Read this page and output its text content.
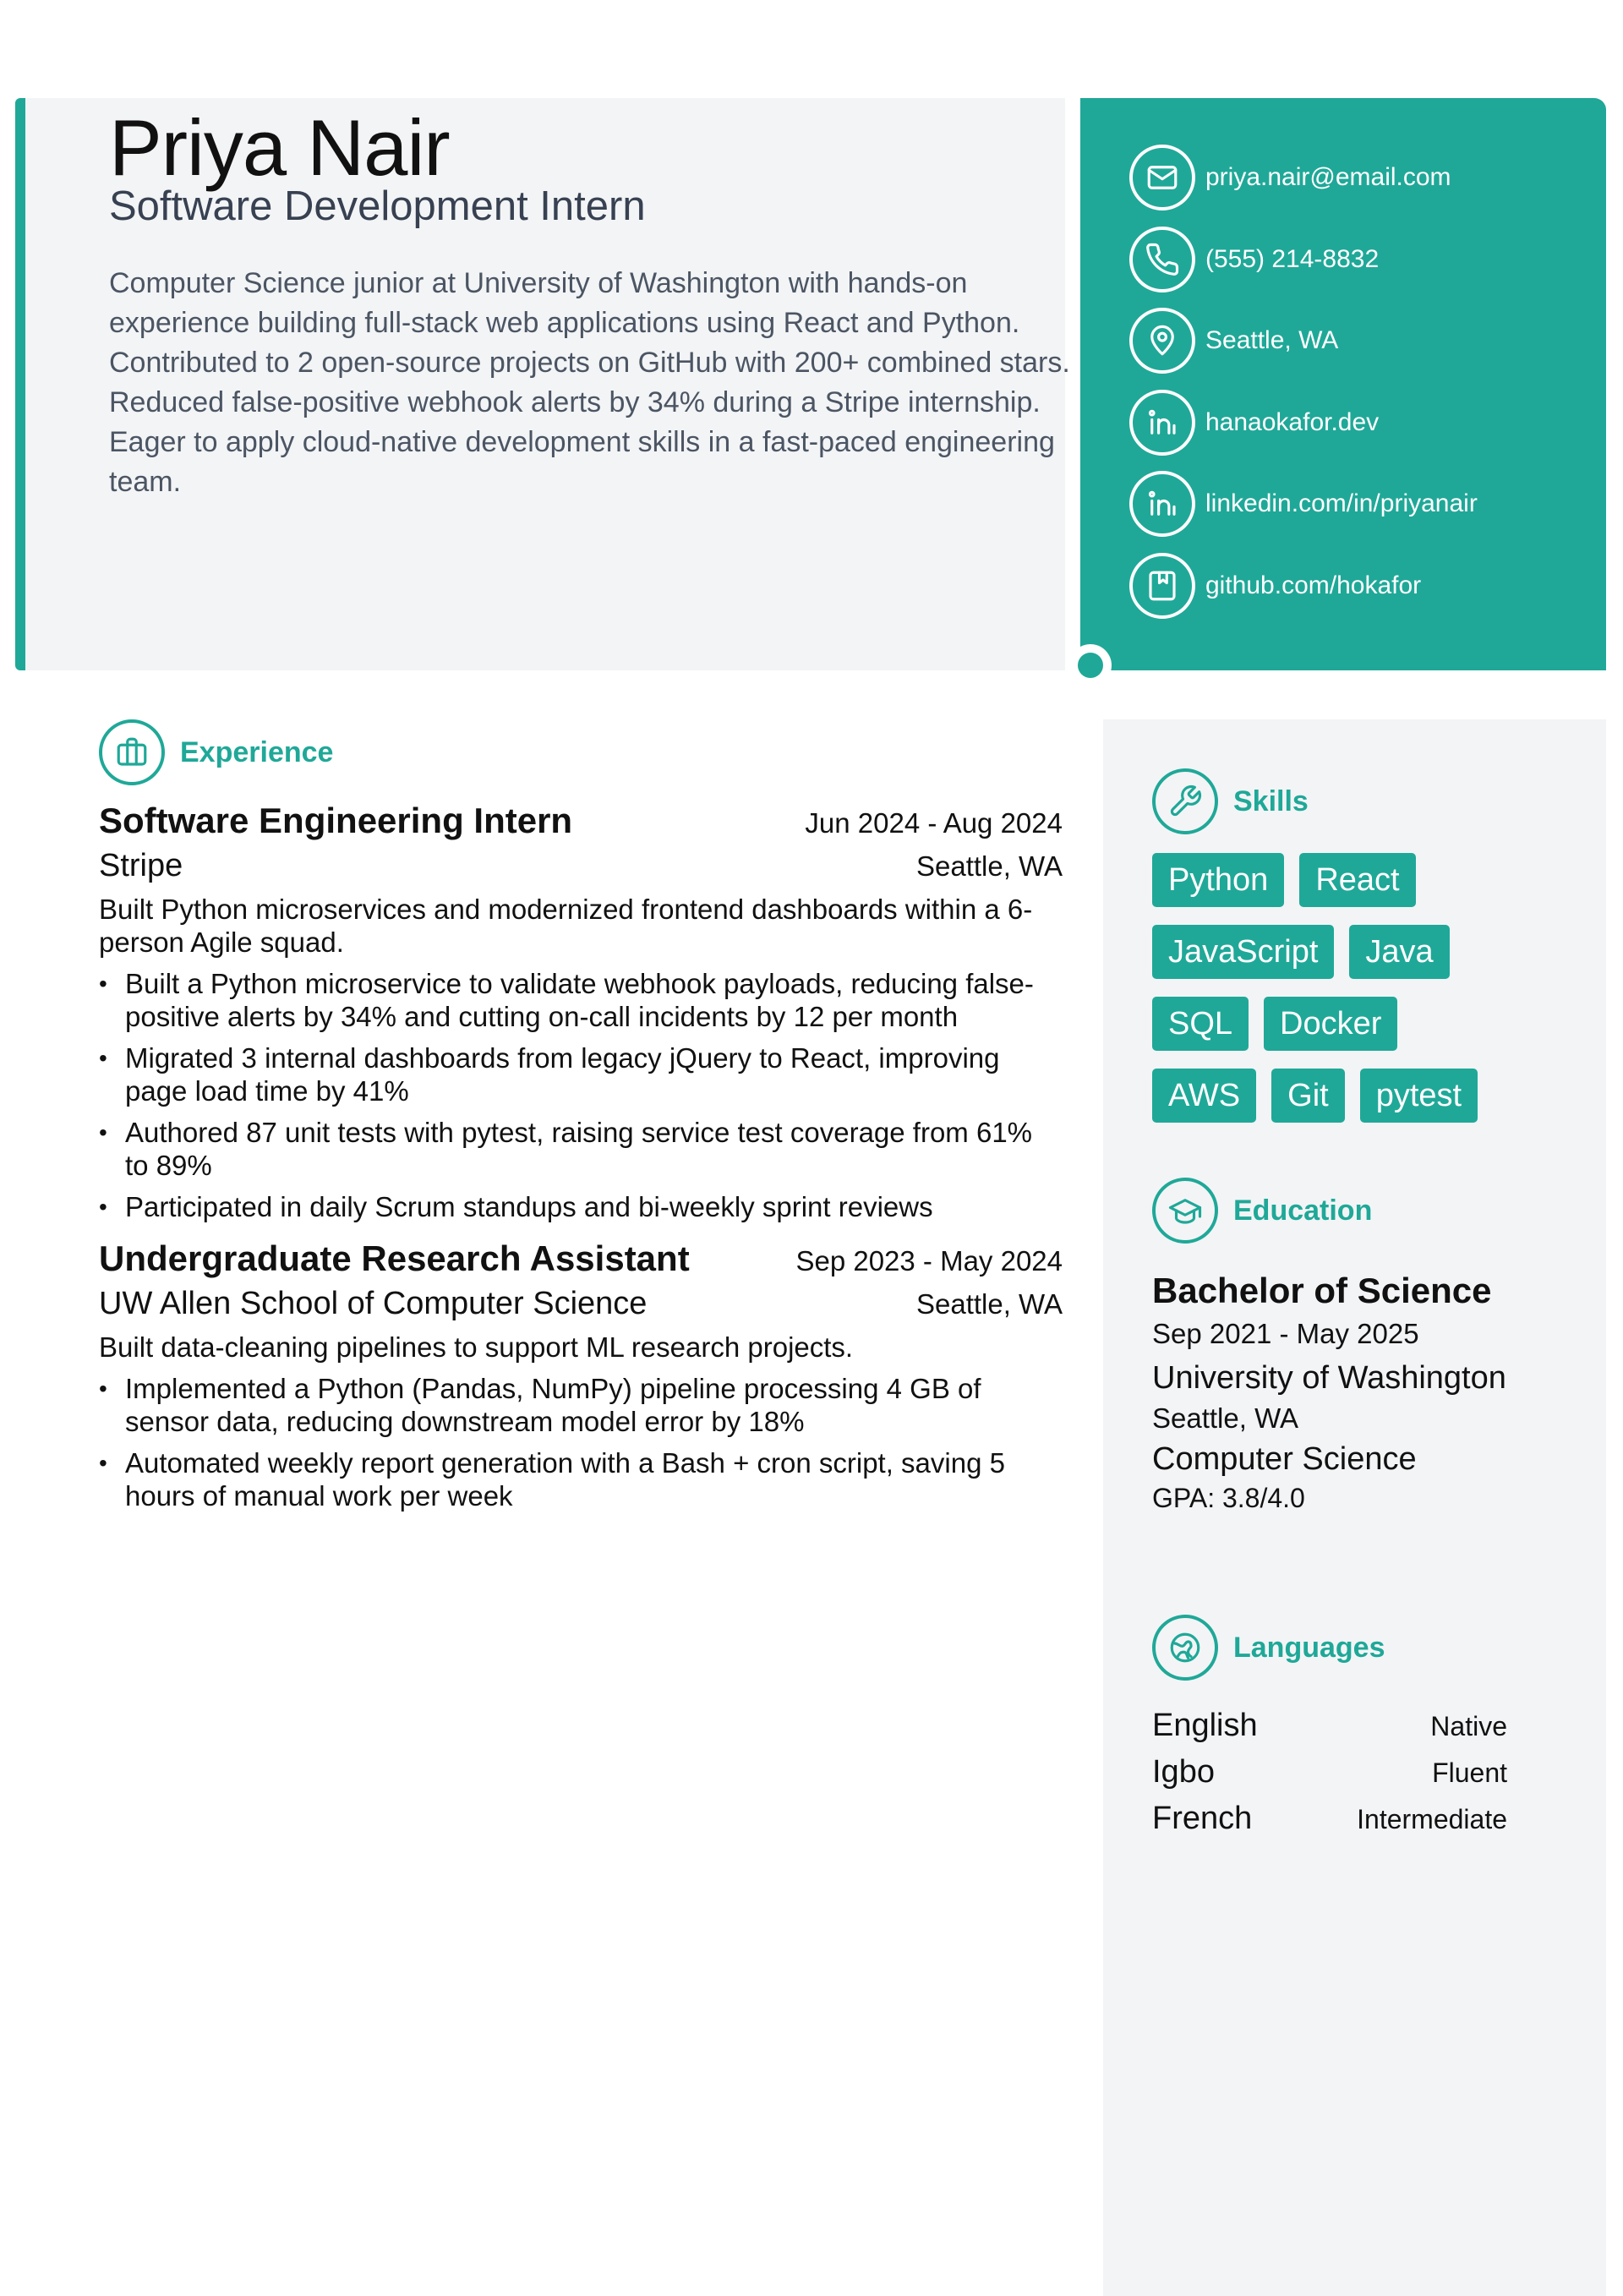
Priya Nair
Software Development Intern

Computer Science junior at University of Washington with hands-on experience building full-stack web applications using React and Python. Contributed to 2 open-source projects on GitHub with 200+ combined stars. Reduced false-positive webhook alerts by 34% during a Stripe internship. Eager to apply cloud-native development skills in a fast-paced engineering team.

priya.nair@email.com
(555) 214-8832
Seattle, WA
hanaokafor.dev
linkedin.com/in/priyanair
github.com/hokafor
Experience
Software Engineering Intern	Jun 2024 - Aug 2024
Stripe	Seattle, WA

Built Python microservices and modernized frontend dashboards within a 6-person Agile squad.

• Built a Python microservice to validate webhook payloads, reducing false-positive alerts by 34% and cutting on-call incidents by 12 per month
• Migrated 3 internal dashboards from legacy jQuery to React, improving page load time by 41%
• Authored 87 unit tests with pytest, raising service test coverage from 61% to 89%
• Participated in daily Scrum standups and bi-weekly sprint reviews
Undergraduate Research Assistant	Sep 2023 - May 2024
UW Allen School of Computer Science	Seattle, WA

Built data-cleaning pipelines to support ML research projects.

• Implemented a Python (Pandas, NumPy) pipeline processing 4 GB of sensor data, reducing downstream model error by 18%
• Automated weekly report generation with a Bash + cron script, saving 5 hours of manual work per week
Skills
Python	React
JavaScript	Java
SQL	Docker
AWS	Git	pytest
Education
Bachelor of Science
Sep 2021 - May 2025
University of Washington
Seattle, WA
Computer Science
GPA: 3.8/4.0
Languages
English	Native
Igbo	Fluent
French	Intermediate
